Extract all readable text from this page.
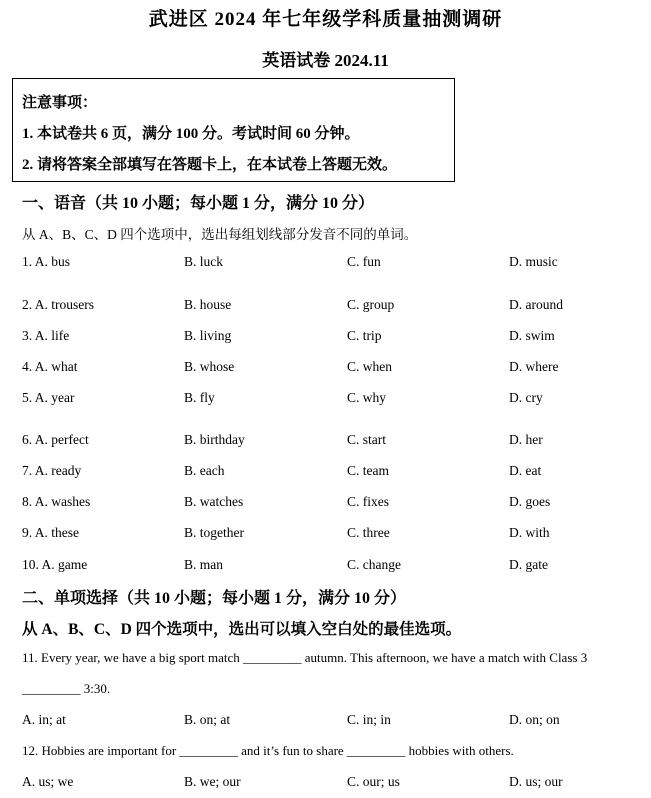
武进区 2024 年七年级学科质量抽测调研
英语试卷 2024.11
注意事项：
1. 本试卷共 6 页，满分 100 分。考试时间 60 分钟。
2. 请将答案全部填写在答题卡上，在本试卷上答题无效。
一、语音（共 10 小题；每小题 1 分，满分 10 分）
从 A、B、C、D 四个选项中，选出每组划线部分发音不同的单词。
1. A. bus	B. luck	C. fun	D. music
2. A. trousers	B. house	C. group	D. around
3. A. life	B. living	C. trip	D. swim
4. A. what	B. whose	C. when	D. where
5. A. year	B. fly	C. why	D. cry
6. A. perfect	B. birthday	C. start	D. her
7. A. ready	B. each	C. team	D. eat
8. A. washes	B. watches	C. fixes	D. goes
9. A. these	B. together	C. three	D. with
10. A. game	B. man	C. change	D. gate
二、单项选择（共 10 小题；每小题 1 分，满分 10 分）
从 A、B、C、D 四个选项中，选出可以填入空白处的最佳选项。
11. Every year, we have a big sport match _________ autumn. This afternoon, we have a match with Class 3
_________ 3:30.
A. in; at	B. on; at	C. in; in	D. on; on
12. Hobbies are important for _________ and it’s fun to share _________ hobbies with others.
A. us; we	B. we; our	C. our; us	D. us; our
